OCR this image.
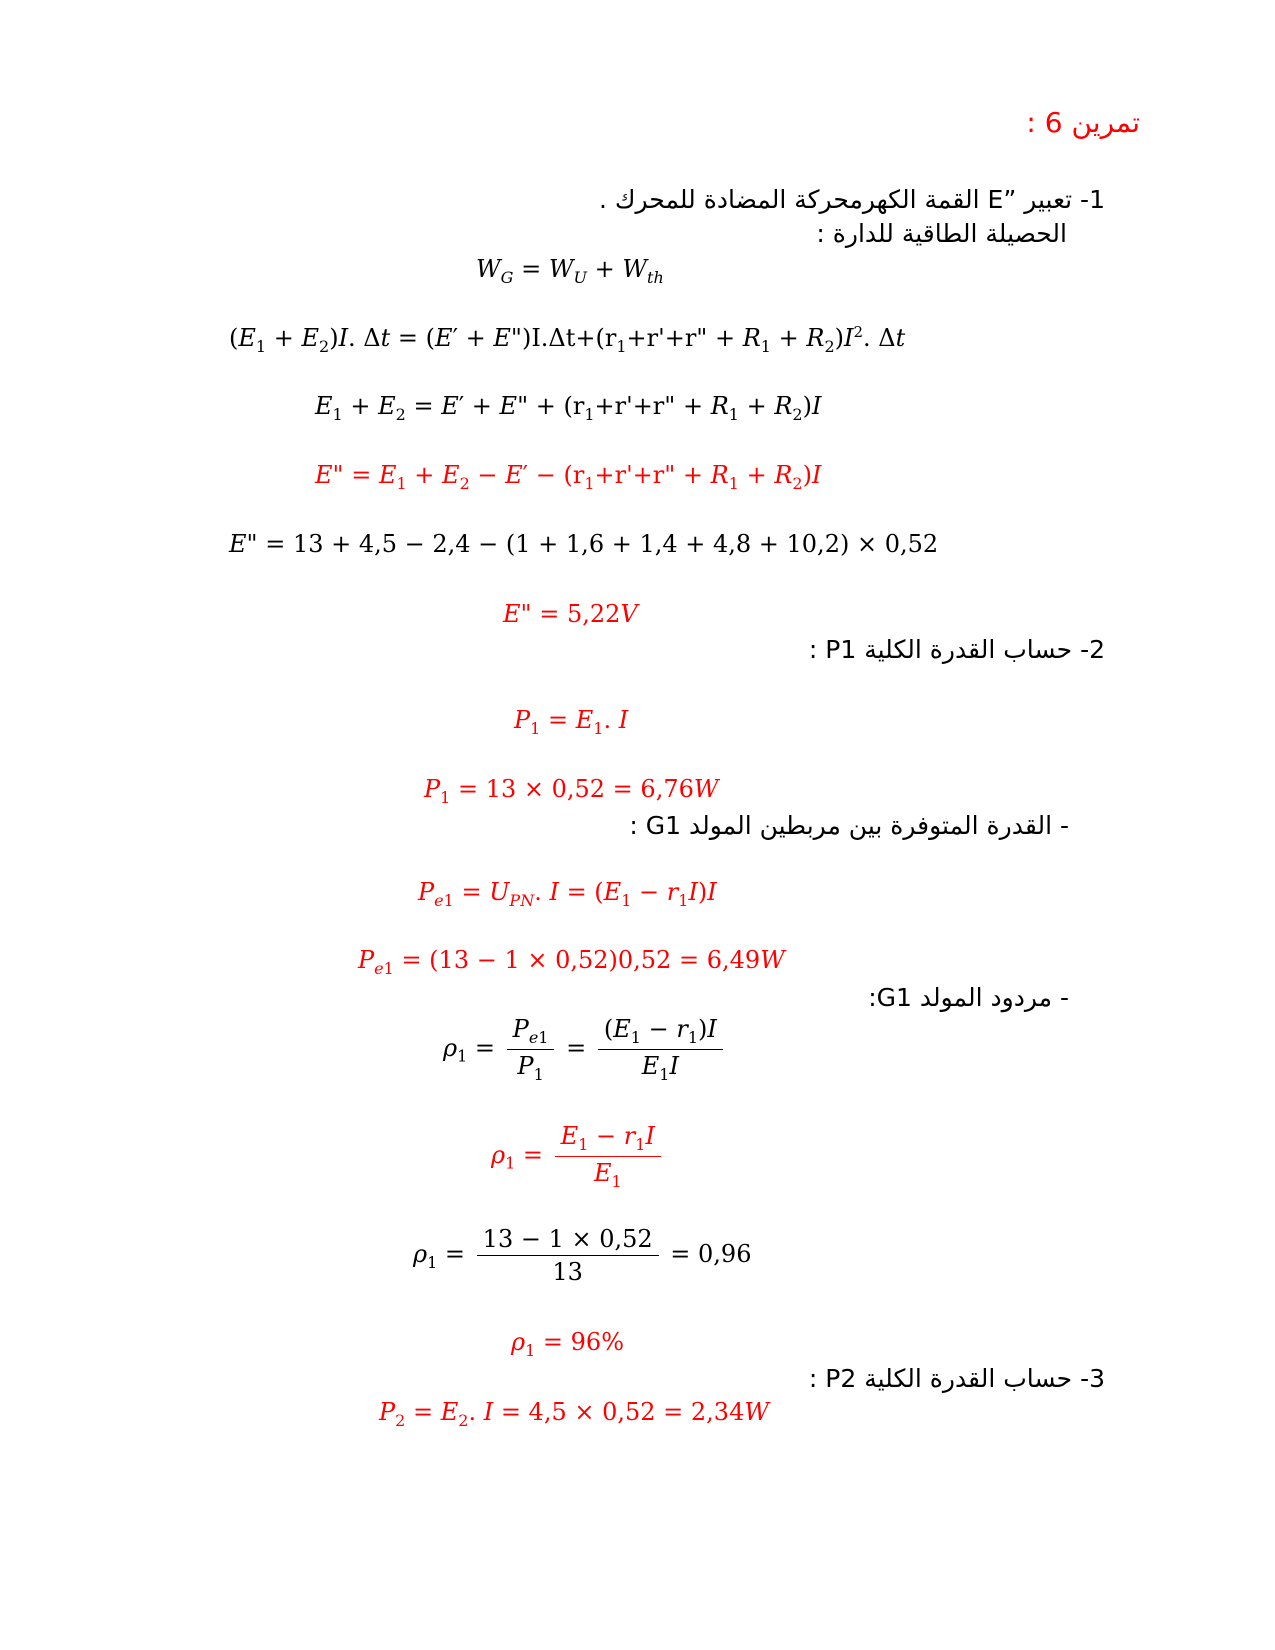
تمرين 6 :
1- تعبير ”E القمة الكهرمحركة المضادة للمحرك .
الحصيلة الطاقية للدارة :
$W_G = W_U + W_{th}$
$(E_1 + E_2)I$. $\Delta t = (E' + E")I.\Delta t+(r_1+r'+r$" + $R_1 + R_2)I^2$. Δt
$E_1 + E_2 = E' + E$" + ($r_1+r'+r$" + $R_1 + R_2)I$
E" = $E_1 + E_2 - E' - (r_1+r'+r$" + $R_1 + R_2)I$
E" = 13 + 4,5 − 2,4 − (1 + 1,6 + 1,4 + 4,8 + 10,2) × 0,52
E" = 5,22V
2- حساب القدرة الكلية P1 :
$P_1 = E_1$. I
$P_1 = 13 \times 0,52 = 6,76W$
- القدرة المتوفرة بين مربطين المولد G1 :
$P_{e1} = U_{PN}$. $I = (E_1 - r_1I)I$
$P_{e1} = (13 - 1 \times 0,52)0,52 = 6,49W$
- مردود المولد G1:
$\rho_1 = \frac{P_{e1}}{P_1} = \frac{(E_1 - r_1)I}{E_1I}$
$\rho_1 = \frac{E_1 - r_1I}{E_1}$
$\rho_1 = \frac{13 - 1 \times 0,52}{13} = 0,96$
$\rho_1 = 96\%$
3- حساب القدرة الكلية P2 :
$P_2 = E_2$. I = 4,5 × 0,52 = 2,34W
